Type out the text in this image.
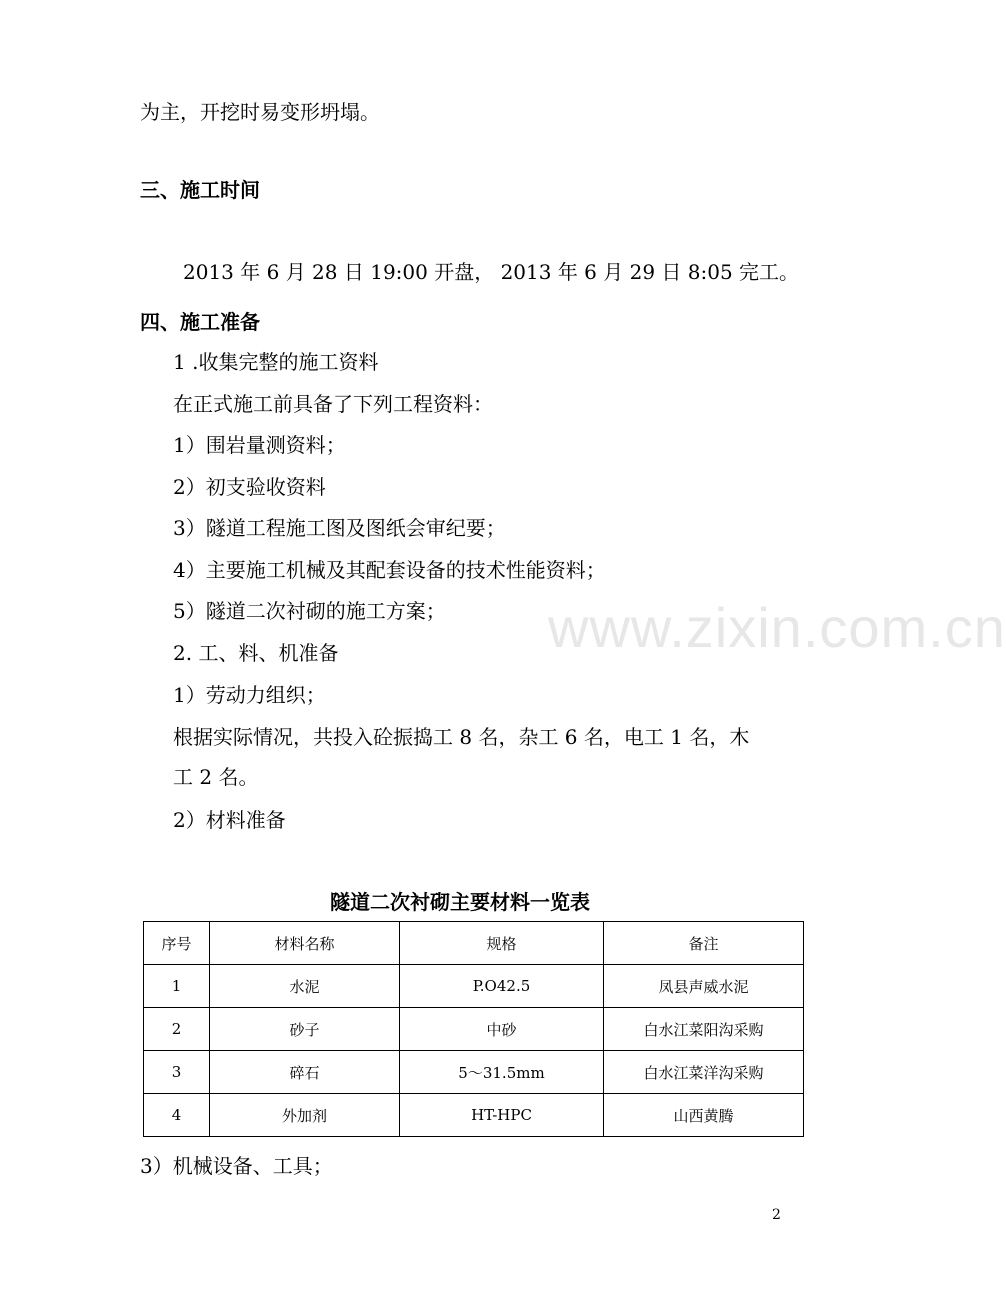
www.zixin.com.cn
为主，开挖时易变形坍塌。
三、施工时间
2013 年 6 月 28 日 19:00 开盘， 2013 年 6 月 29 日 8:05 完工。
四、施工准备
1 .收集完整的施工资料
在正式施工前具备了下列工程资料：
1）围岩量测资料；
2）初支验收资料
3）隧道工程施工图及图纸会审纪要；
4）主要施工机械及其配套设备的技术性能资料；
5）隧道二次衬砌的施工方案；
2. 工、料、机准备
1）劳动力组织；
根据实际情况，共投入砼振捣工 8 名，杂工 6 名，电工 1 名，木
工 2 名。
2）材料准备
隧道二次衬砌主要材料一览表
序号	材料名称	规格	备注
1	水泥	P.O42.5	凤县声威水泥
2	砂子	中砂	白水江菜阳沟采购
3	碎石	5～31.5mm	白水江菜洋沟采购
4	外加剂	HT-HPC	山西黄腾
3）机械设备、工具；
2
